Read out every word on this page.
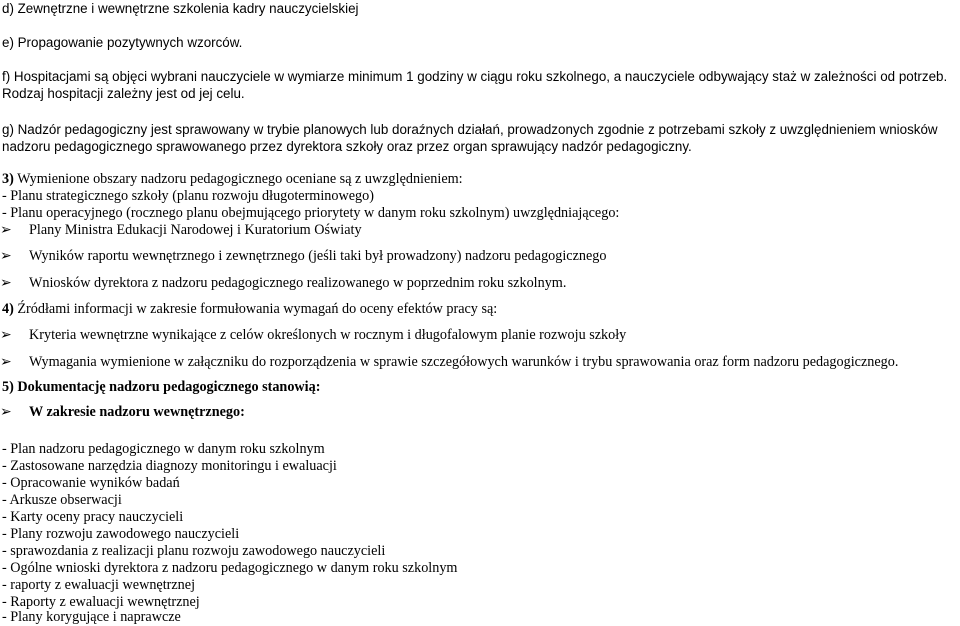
d) Zewnętrzne i wewnętrzne szkolenia kadry nauczycielskiej
e) Propagowanie pozytywnych wzorców.
f) Hospitacjami są objęci wybrani nauczyciele w wymiarze minimum 1 godziny w ciągu roku szkolnego, a nauczyciele odbywający staż w zależności od potrzeb.
Rodzaj hospitacji zależny jest od jej celu.
g) Nadzór pedagogiczny jest sprawowany w trybie planowych lub doraźnych działań, prowadzonych zgodnie z potrzebami szkoły z uwzględnieniem wniosków
nadzoru pedagogicznego sprawowanego przez dyrektora szkoły oraz przez organ sprawujący nadzór pedagogiczny.
3) Wymienione obszary nadzoru pedagogicznego oceniane są z uwzględnieniem:
- Planu strategicznego szkoły (planu rozwoju długoterminowego)
- Planu operacyjnego (rocznego planu obejmującego priorytety w danym roku szkolnym) uwzględniającego:
➢ Plany Ministra Edukacji Narodowej i Kuratorium Oświaty
➢ Wyników raportu wewnętrznego i zewnętrznego (jeśli taki był prowadzony) nadzoru pedagogicznego
➢ Wniosków dyrektora z nadzoru pedagogicznego realizowanego w poprzednim roku szkolnym.
4) Źródłami informacji w zakresie formułowania wymagań do oceny efektów pracy są:
➢ Kryteria wewnętrzne wynikające z celów określonych w rocznym i długofalowym planie rozwoju szkoły
➢ Wymagania wymienione w załączniku do rozporządzenia w sprawie szczegółowych warunków i trybu sprawowania oraz form nadzoru pedagogicznego.
5) Dokumentację nadzoru pedagogicznego stanowią:
➢ W zakresie nadzoru wewnętrznego:
- Plan nadzoru pedagogicznego w danym roku szkolnym
- Zastosowane narzędzia diagnozy monitoringu i ewaluacji
- Opracowanie wyników badań
- Arkusze obserwacji
- Karty oceny pracy nauczycieli
- Plany rozwoju zawodowego nauczycieli
- sprawozdania z realizacji planu rozwoju zawodowego nauczycieli
- Ogólne wnioski dyrektora z nadzoru pedagogicznego w danym roku szkolnym
- raporty z ewaluacji wewnętrznej
- Raporty z ewaluacji wewnętrznej
- Plany korygujące i naprawcze
